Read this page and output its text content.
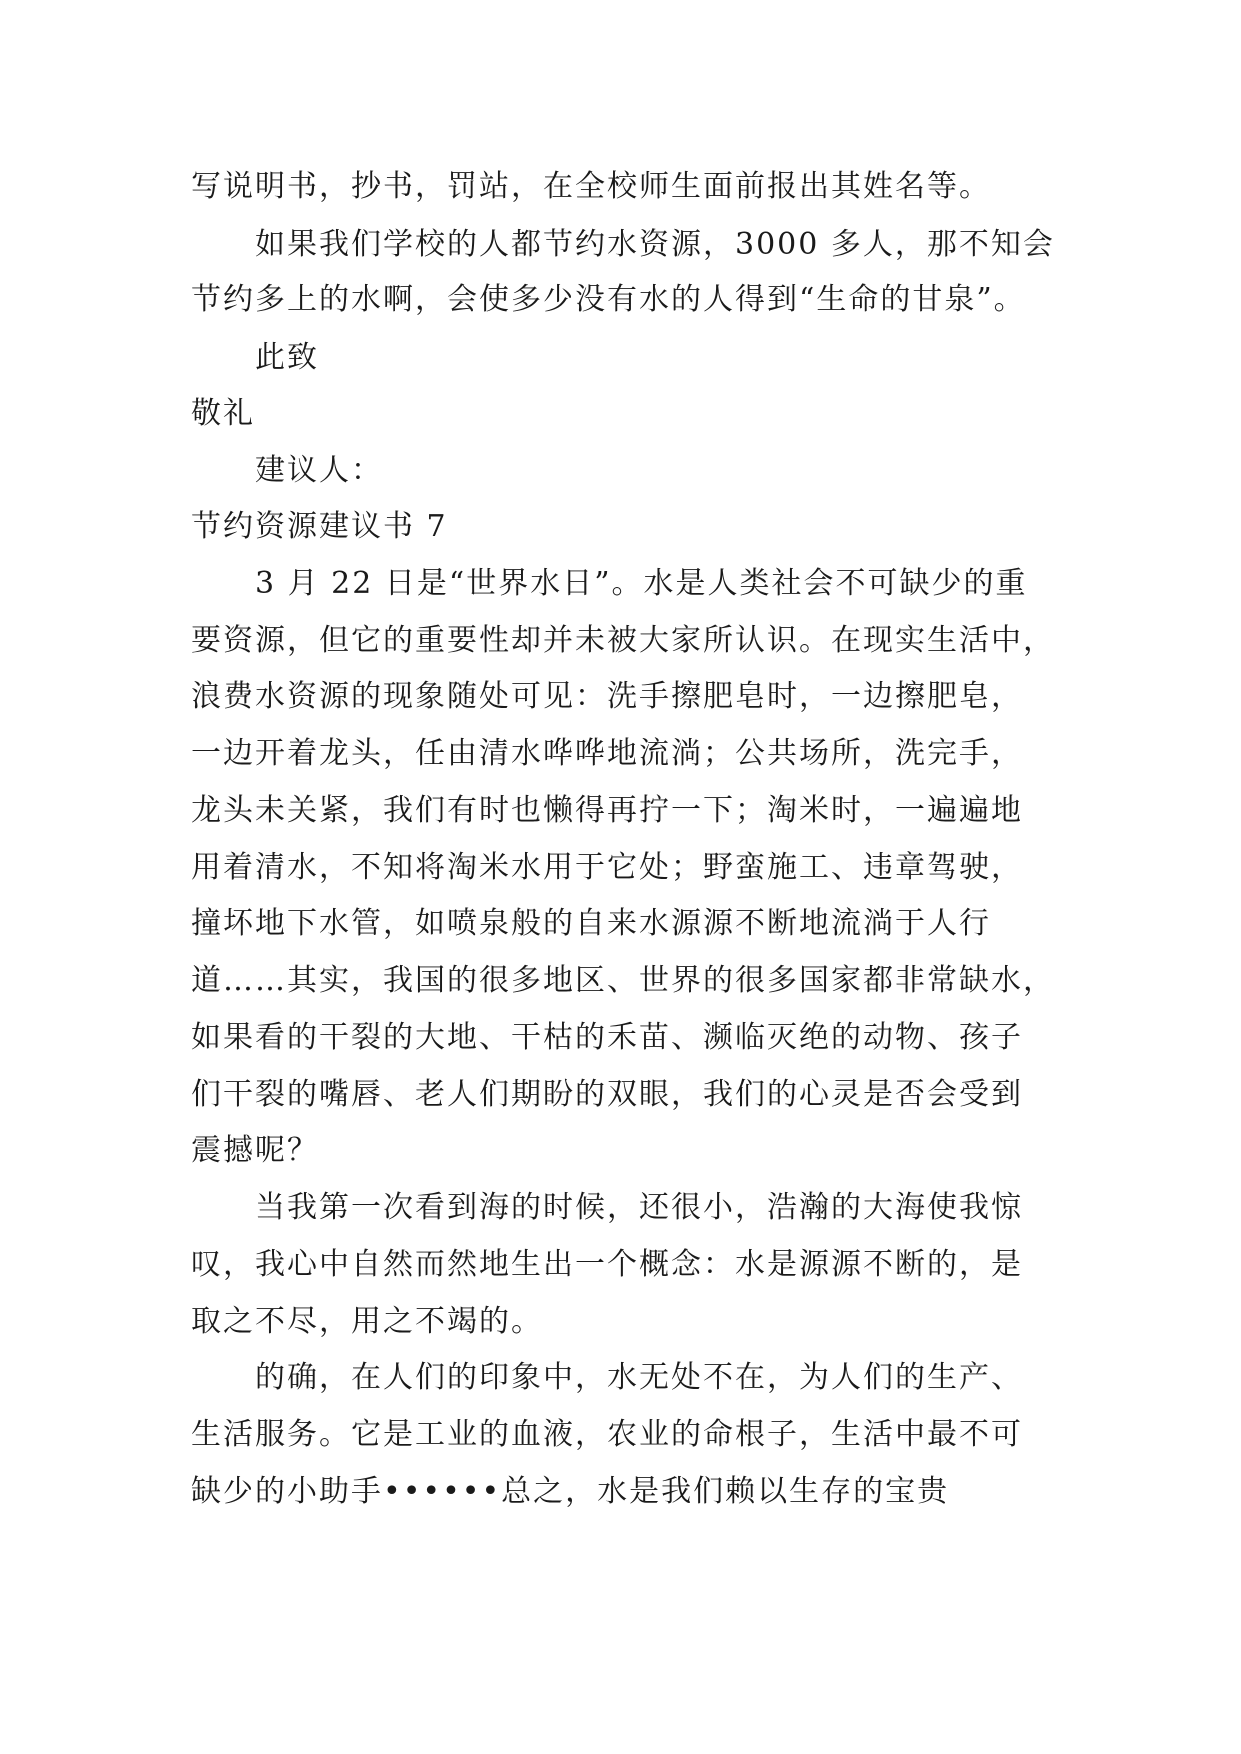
写说明书，抄书，罚站，在全校师生面前报出其姓名等。
如果我们学校的人都节约水资源，3000 多人，那不知会
节约多上的水啊，会使多少没有水的人得到“生命的甘泉”。
此致
敬礼
建议人：
节约资源建议书 7
3 月 22 日是“世界水日”。水是人类社会不可缺少的重
要资源，但它的重要性却并未被大家所认识。在现实生活中，
浪费水资源的现象随处可见：洗手擦肥皂时，一边擦肥皂，
一边开着龙头，任由清水哗哗地流淌；公共场所，洗完手，
龙头未关紧，我们有时也懒得再拧一下；淘米时，一遍遍地
用着清水，不知将淘米水用于它处；野蛮施工、违章驾驶，
撞坏地下水管，如喷泉般的自来水源源不断地流淌于人行
道……其实，我国的很多地区、世界的很多国家都非常缺水，
如果看的干裂的大地、干枯的禾苗、濒临灭绝的动物、孩子
们干裂的嘴唇、老人们期盼的双眼，我们的心灵是否会受到
震撼呢？
当我第一次看到海的时候，还很小，浩瀚的大海使我惊
叹，我心中自然而然地生出一个概念：水是源源不断的，是
取之不尽，用之不竭的。
的确，在人们的印象中，水无处不在，为人们的生产、
生活服务。它是工业的血液，农业的命根子，生活中最不可
缺少的小助手••••••总之，水是我们赖以生存的宝贵
